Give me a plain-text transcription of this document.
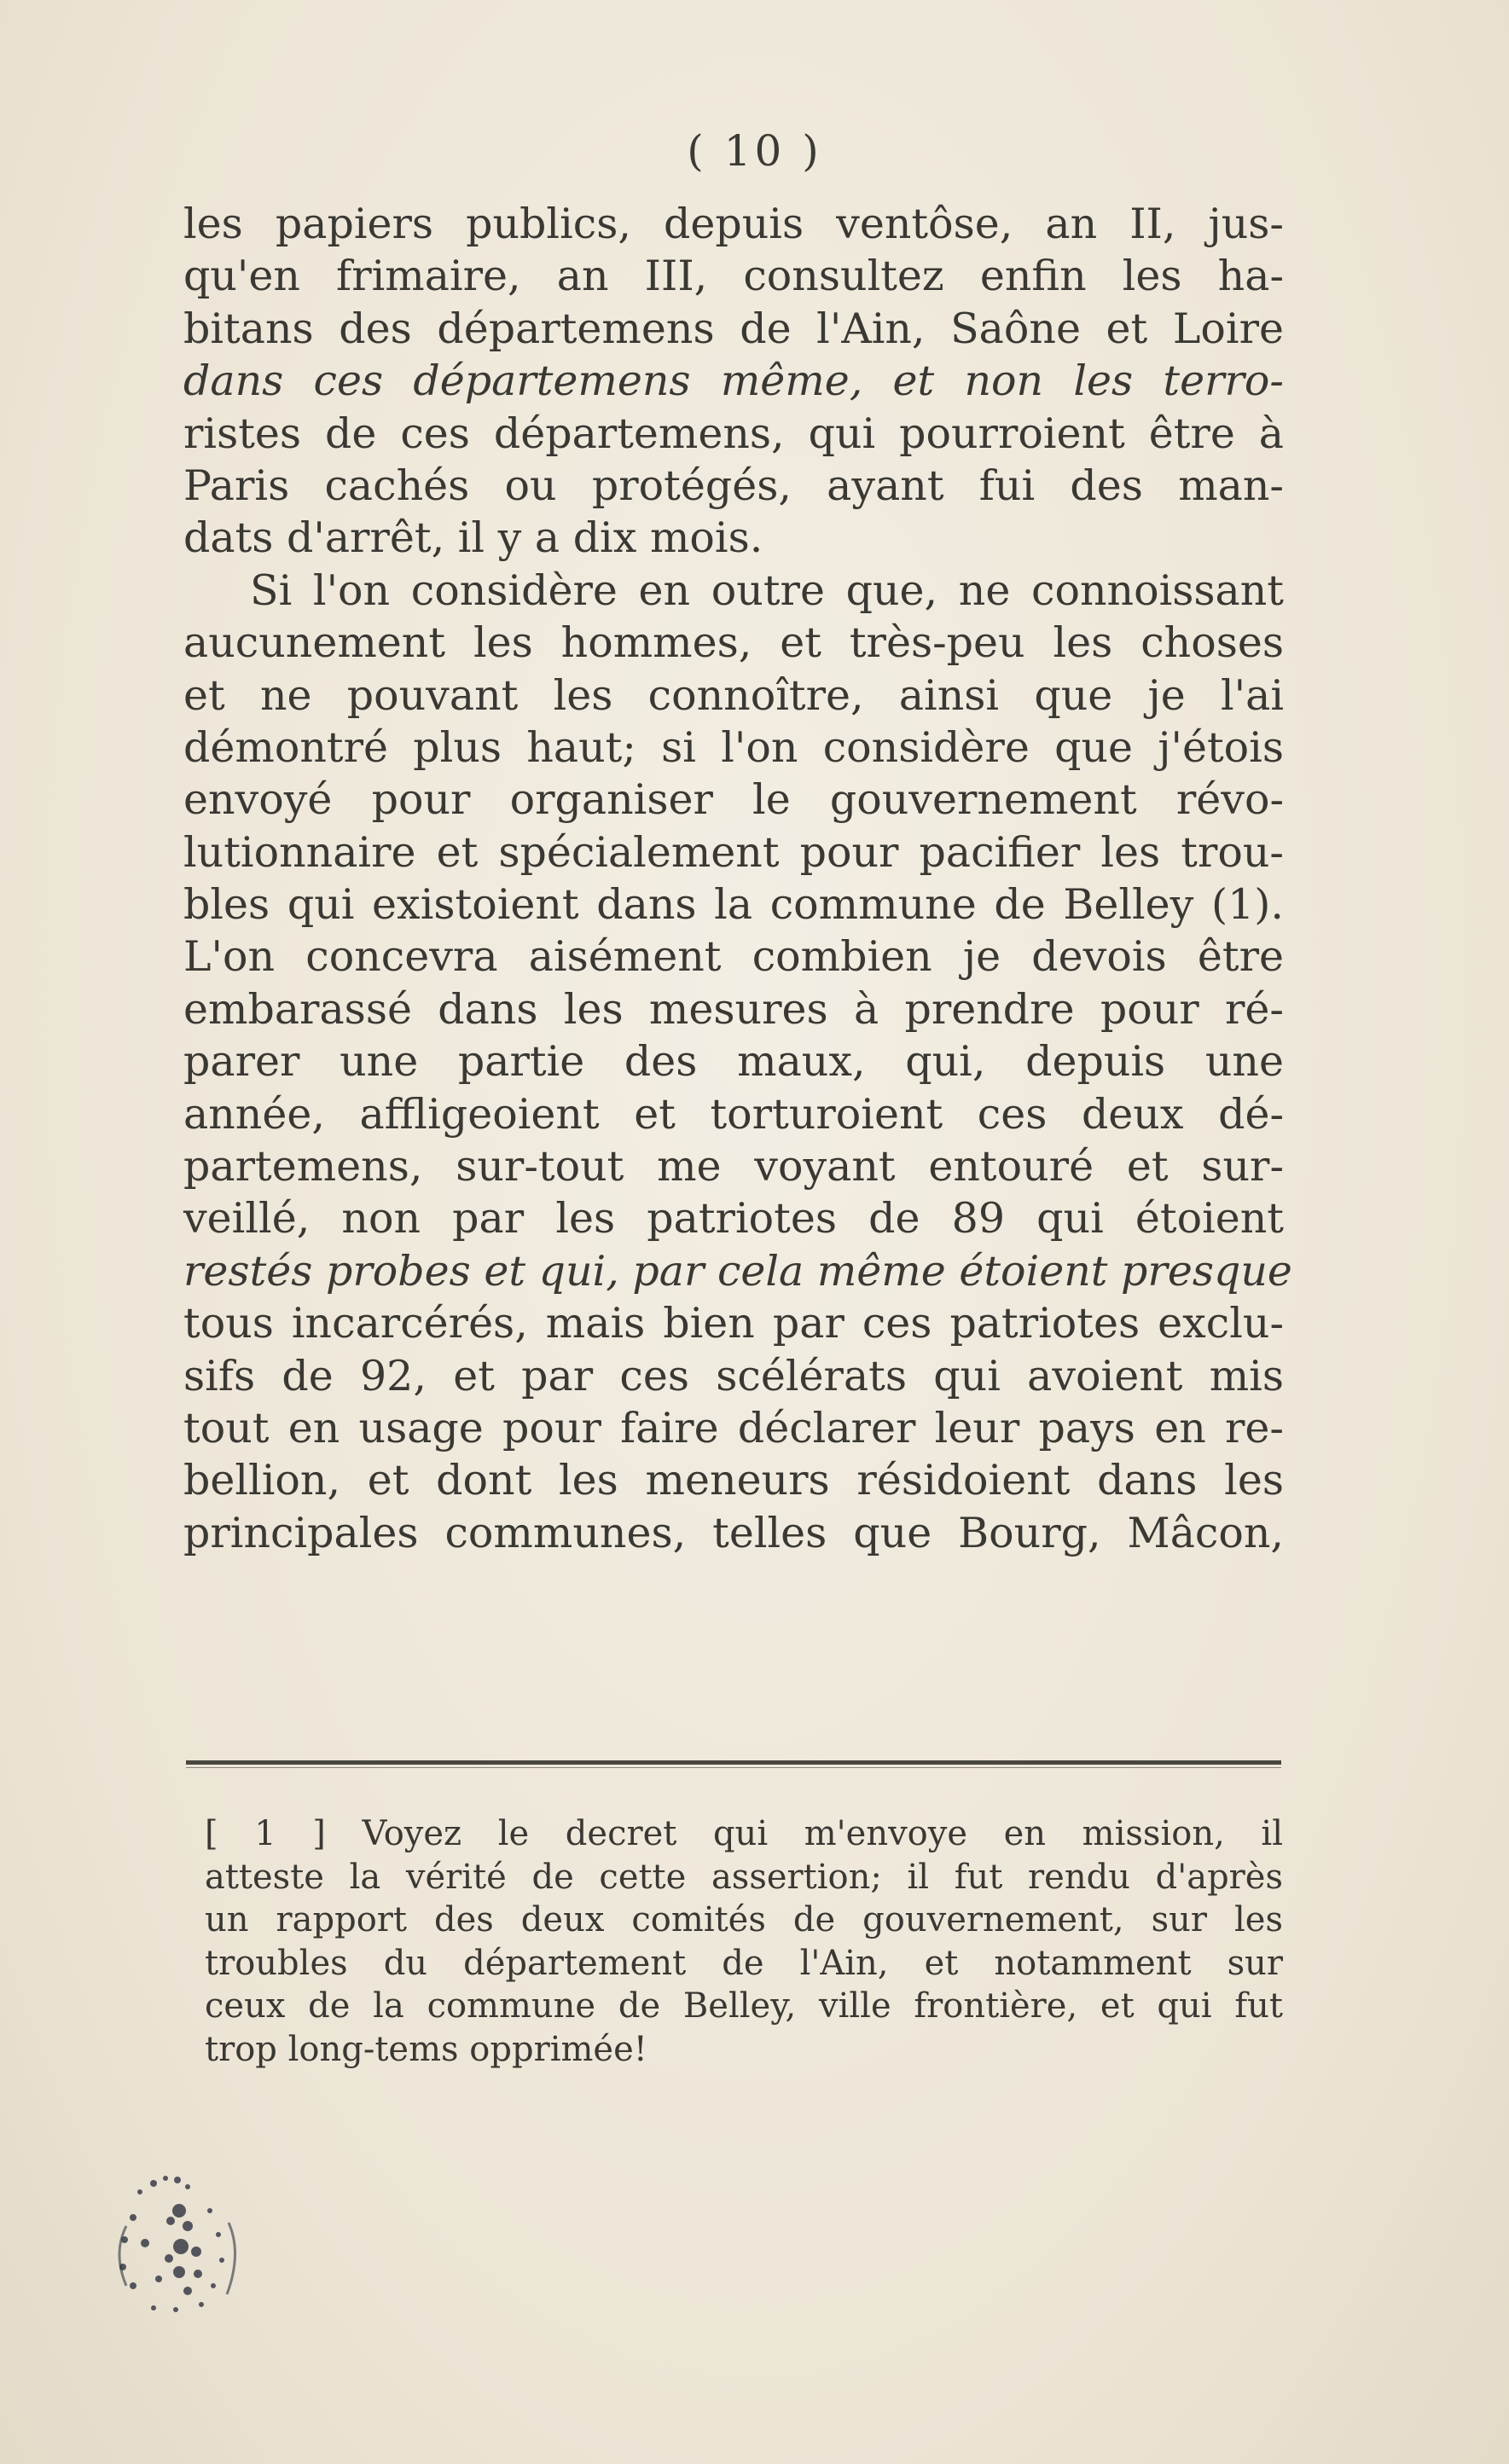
( 10 )
les papiers publics, depuis ventôse, an II, jus-
qu'en frimaire, an III, consultez enfin les ha-
bitans des départemens de l'Ain, Saône et Loire
dans ces départemens même, et non les terro-
ristes de ces départemens, qui pourroient être à
Paris cachés ou protégés, ayant fui des man-
dats d'arrêt, il y a dix mois.
Si l'on considère en outre que, ne connoissant
aucunement les hommes, et très-peu les choses
et ne pouvant les connoître, ainsi que je l'ai
démontré plus haut; si l'on considère que j'étois
envoyé pour organiser le gouvernement révo-
lutionnaire et spécialement pour pacifier les trou-
bles qui existoient dans la commune de Belley (1).
L'on concevra aisément combien je devois être
embarassé dans les mesures à prendre pour ré-
parer une partie des maux, qui, depuis une
année, affligeoient et torturoient ces deux dé-
partemens, sur-tout me voyant entouré et sur-
veillé, non par les patriotes de 89 qui étoient
restés probes et qui, par cela même étoient presque
tous incarcérés, mais bien par ces patriotes exclu-
sifs de 92, et par ces scélérats qui avoient mis
tout en usage pour faire déclarer leur pays en re-
bellion, et dont les meneurs résidoient dans les
principales communes, telles que Bourg, Mâcon,
[ 1 ] Voyez le decret qui m'envoye en mission, il
atteste la vérité de cette assertion; il fut rendu d'après
un rapport des deux comités de gouvernement, sur les
troubles du département de l'Ain, et notamment sur
ceux de la commune de Belley, ville frontière, et qui fut
trop long-tems opprimée!
